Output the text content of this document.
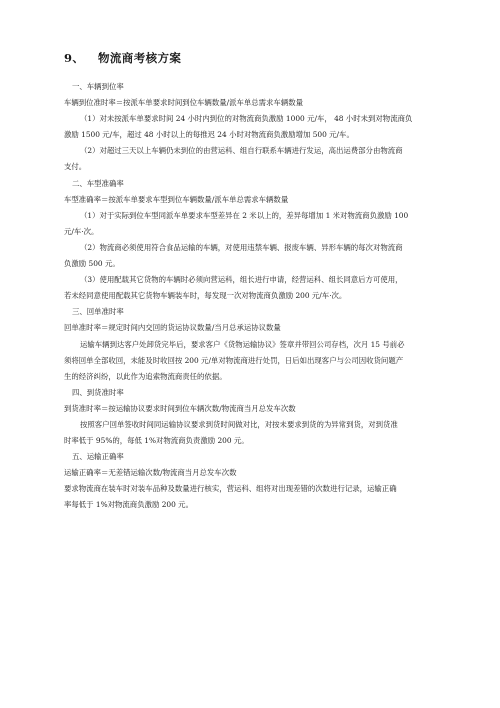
9、 物流商考核方案
一、车辆到位率
车辆到位准时率＝按派车单要求时间到位车辆数量/派车单总需求车辆数量
（1）对未按派车单要求时间 24 小时内到位的对物流商负激励 1000 元/车， 48 小时未到对物流商负
激励 1500 元/车，超过 48 小时以上的每推迟 24 小时对物流商负激励增加 500 元/车。
（2）对超过三天以上车辆仍未到位的由营运科、组自行联系车辆进行发运，高出运费部分由物流商
支付。
二、车型准确率
车型准确率＝按派车单要求车型到位车辆数量/派车单总需求车辆数量
（1）对于实际到位车型同派车单要求车型差异在 2 米以上的，差异每增加 1 米对物流商负激励 100
元/车·次。
（2）物流商必须使用符合食品运输的车辆，对使用违禁车辆、报废车辆、异形车辆的每次对物流商
负激励 500 元。
（3）使用配载其它货物的车辆时必须向营运科，组长进行申请，经营运科、组长同意后方可使用，
若未经同意使用配载其它货物车辆装车时，每发现一次对物流商负激励 200 元/车·次。
三、回单准时率
回单准时率＝规定时间内交回的货运协议数量/当月总承运协议数量
运输车辆到达客户处卸货完毕后，要求客户《货物运输协议》签章并带回公司存档，次月 15 号前必
须将回单全部收回，未能及时收回按 200 元/单对物流商进行处罚，日后如出现客户与公司因收货问题产
生的经济纠纷，以此作为追索物流商责任的依据。
四、到货准时率
到货准时率＝按运输协议要求时间到位车辆次数/物流商当月总发车次数
按照客户回单签收时间同运输协议要求到货时间做对比，对按未要求到货的为异常到货，对到货准
时率低于 95%的，每低 1%对物流商负责激励 200 元。
五、运输正确率
运输正确率＝无差错运输次数/物流商当月总发车次数
要求物流商在装车时对装车品种及数量进行核实，营运科、组将对出现差错的次数进行记录，运输正确
率每低于 1%对物流商负激励 200 元。
